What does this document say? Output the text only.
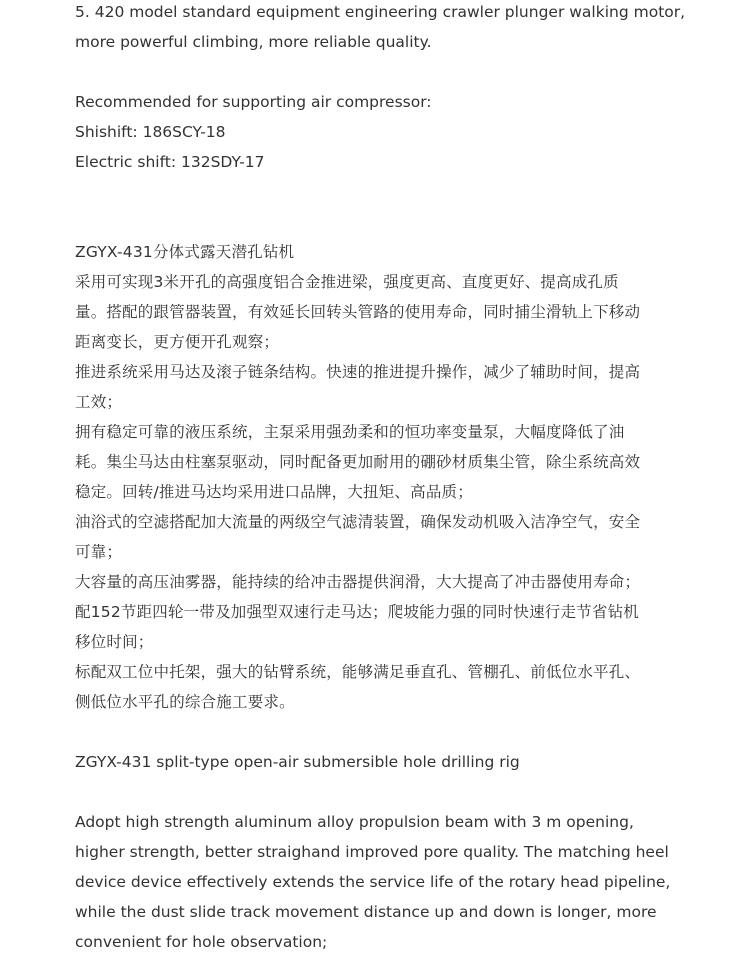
5. 420 model standard equipment engineering crawler plunger walking motor,
more powerful climbing, more reliable quality.
Recommended for supporting air compressor:
Shishift: 186SCY-18
Electric shift: 132SDY-17
ZGYX-431分体式露天潜孔钻机
采用可实现3米开孔的高强度铝合金推进梁，强度更高、直度更好、提高成孔质
量。搭配的跟管器装置，有效延长回转头管路的使用寿命，同时捕尘滑轨上下移动
距离变长，更方便开孔观察；
推进系统采用马达及滚子链条结构。快速的推进提升操作，减少了辅助时间，提高
工效；
拥有稳定可靠的液压系统，主泵采用强劲柔和的恒功率变量泵，大幅度降低了油
耗。集尘马达由柱塞泵驱动，同时配备更加耐用的硼砂材质集尘管，除尘系统高效
稳定。回转/推进马达均采用进口品牌，大扭矩、高品质；
油浴式的空滤搭配加大流量的两级空气滤清装置，确保发动机吸入洁净空气，安全
可靠；
大容量的高压油雾器，能持续的给冲击器提供润滑，大大提高了冲击器使用寿命；
配152节距四轮一带及加强型双速行走马达；爬坡能力强的同时快速行走节省钻机
移位时间；
标配双工位中托架，强大的钻臂系统，能够满足垂直孔、管棚孔、前低位水平孔、
侧低位水平孔的综合施工要求。
ZGYX-431 split-type open-air submersible hole drilling rig
Adopt high strength aluminum alloy propulsion beam with 3 m opening,
higher strength, better straighand improved pore quality. The matching heel
device device effectively extends the service life of the rotary head pipeline,
while the dust slide track movement distance up and down is longer, more
convenient for hole observation;
